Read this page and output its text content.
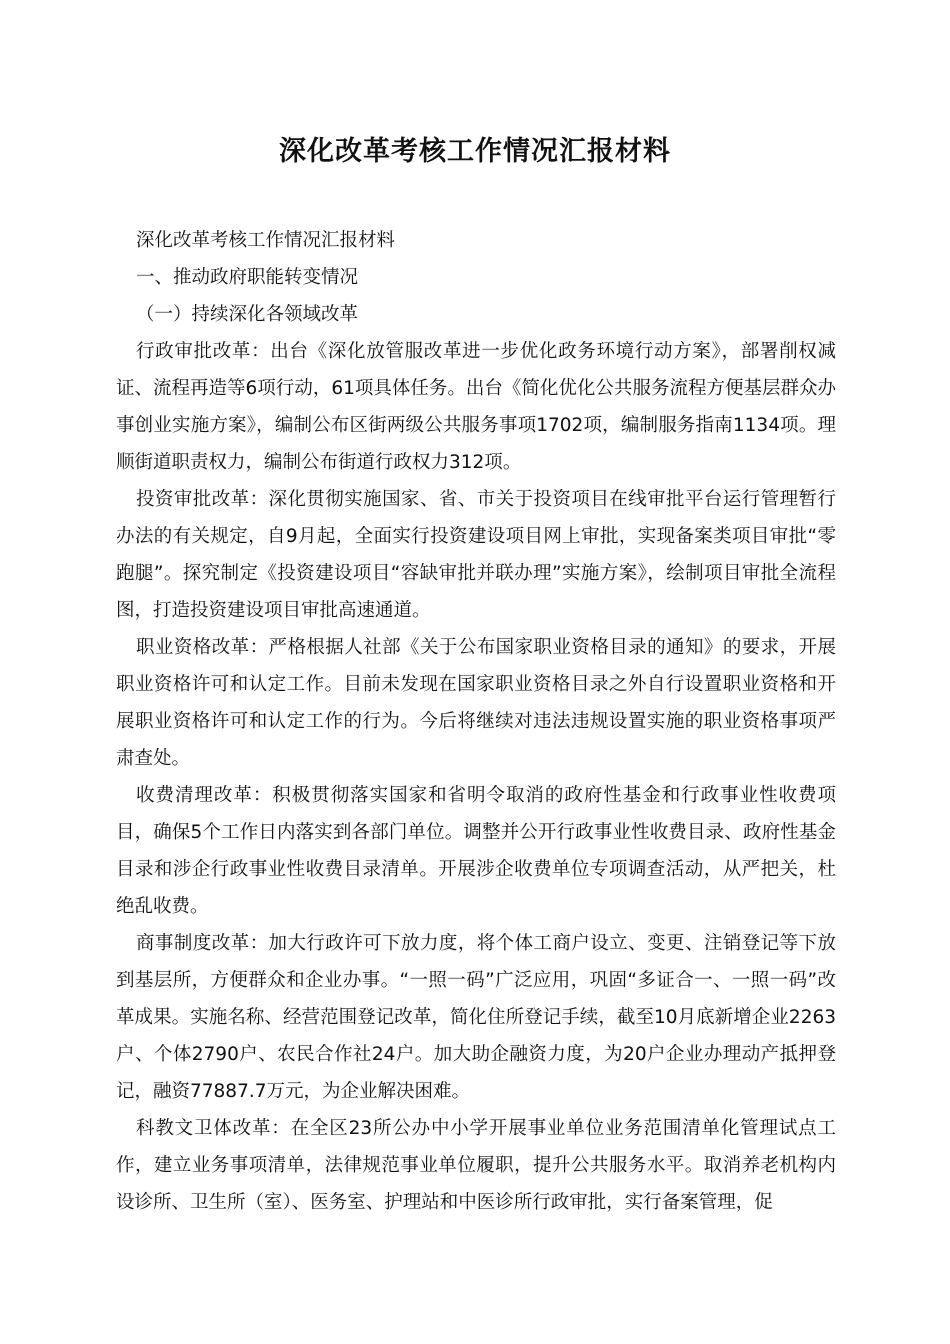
深化改革考核工作情况汇报材料

深化改革考核工作情况汇报材料

一、推动政府职能转变情况

（一）持续深化各领域改革

行政审批改革：出台《深化放管服改革进一步优化政务环境行动方案》，部署削权减证、流程再造等6项行动，61项具体任务。出台《简化优化公共服务流程方便基层群众办事创业实施方案》，编制公布区街两级公共服务事项1702项，编制服务指南1134项。理顺街道职责权力，编制公布街道行政权力312项。

投资审批改革：深化贯彻实施国家、省、市关于投资项目在线审批平台运行管理暂行办法的有关规定，自9月起，全面实行投资建设项目网上审批，实现备案类项目审批“零跑腿”。探究制定《投资建设项目“容缺审批并联办理”实施方案》，绘制项目审批全流程图，打造投资建设项目审批高速通道。

职业资格改革：严格根据人社部《关于公布国家职业资格目录的通知》的要求，开展职业资格许可和认定工作。目前未发现在国家职业资格目录之外自行设置职业资格和开展职业资格许可和认定工作的行为。今后将继续对违法违规设置实施的职业资格事项严肃查处。

收费清理改革：积极贯彻落实国家和省明令取消的政府性基金和行政事业性收费项目，确保5个工作日内落实到各部门单位。调整并公开行政事业性收费目录、政府性基金目录和涉企行政事业性收费目录清单。开展涉企收费单位专项调查活动，从严把关，杜绝乱收费。

商事制度改革：加大行政许可下放力度，将个体工商户设立、变更、注销登记等下放到基层所，方便群众和企业办事。“一照一码”广泛应用，巩固“多证合一、一照一码”改革成果。实施名称、经营范围登记改革，简化住所登记手续，截至10月底新增企业2263户、个体2790户、农民合作社24户。加大助企融资力度，为20户企业办理动产抵押登记，融资77887.7万元，为企业解决困难。

科教文卫体改革：在全区23所公办中小学开展事业单位业务范围清单化管理试点工作，建立业务事项清单，法律规范事业单位履职，提升公共服务水平。取消养老机构内设诊所、卫生所（室）、医务室、护理站和中医诊所行政审批，实行备案管理，促
